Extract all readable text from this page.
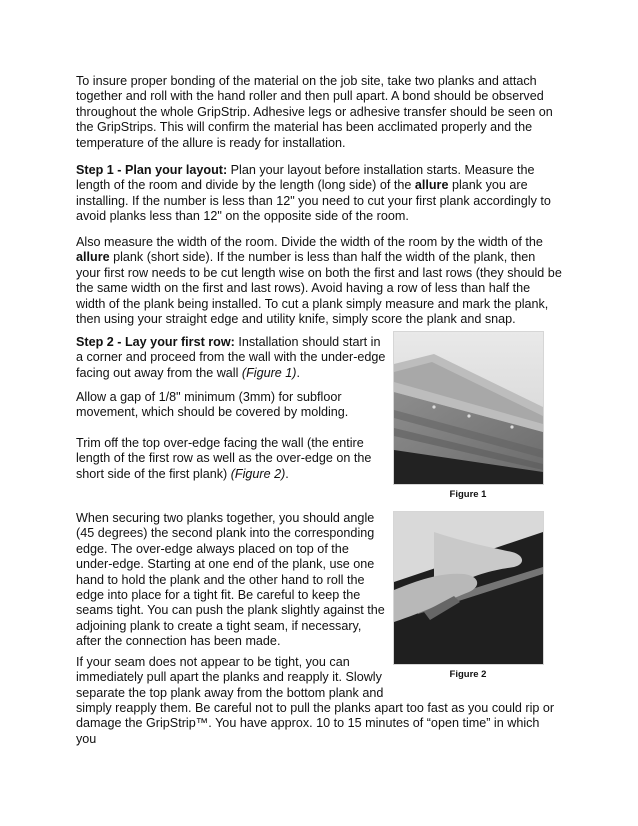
To insure proper bonding of the material on the job site, take two planks and attach together and roll with the hand roller and then pull apart. A bond should be observed throughout the whole GripStrip. Adhesive legs or adhesive transfer should be seen on the GripStrips. This will confirm the material has been acclimated properly and the temperature of the allure is ready for installation.

Step 1 - Plan your layout: Plan your layout before installation starts. Measure the length of the room and divide by the length (long side) of the allure plank you are installing. If the number is less than 12" you need to cut your first plank accordingly to avoid planks less than 12" on the opposite side of the room.

Also measure the width of the room. Divide the width of the room by the width of the allure plank (short side). If the number is less than half the width of the plank, then your first row needs to be cut length wise on both the first and last rows (they should be the same width on the first and last rows). Avoid having a row of less than half the width of the plank being installed. To cut a plank simply measure and mark the plank, then using your straight edge and utility knife, simply score the plank and snap.

Step 2 - Lay your first row: Installation should start in a corner and proceed from the wall with the under-edge facing out away from the wall (Figure 1).

Allow a gap of 1/8" minimum (3mm) for subfloor movement, which should be covered by molding.

Trim off the top over-edge facing the wall (the entire length of the first row as well as the over-edge on the short side of the first plank) (Figure 2).

When securing two planks together, you should angle (45 degrees) the second plank into the corresponding edge. The over-edge always placed on top of the under-edge. Starting at one end of the plank, use one hand to hold the plank and the other hand to roll the edge into place for a tight fit. Be careful to keep the seams tight. You can push the plank slightly against the adjoining plank to create a tight seam, if necessary, after the connection has been made.

If your seam does not appear to be tight, you can immediately pull apart the planks and reapply it. Slowly separate the top plank away from the bottom plank and

simply reapply them. Be careful not to pull the planks apart too fast as you could rip or damage the GripStrip™. You have approx. 10 to 15 minutes of “open time” in which you

Figure 1
Figure 2
